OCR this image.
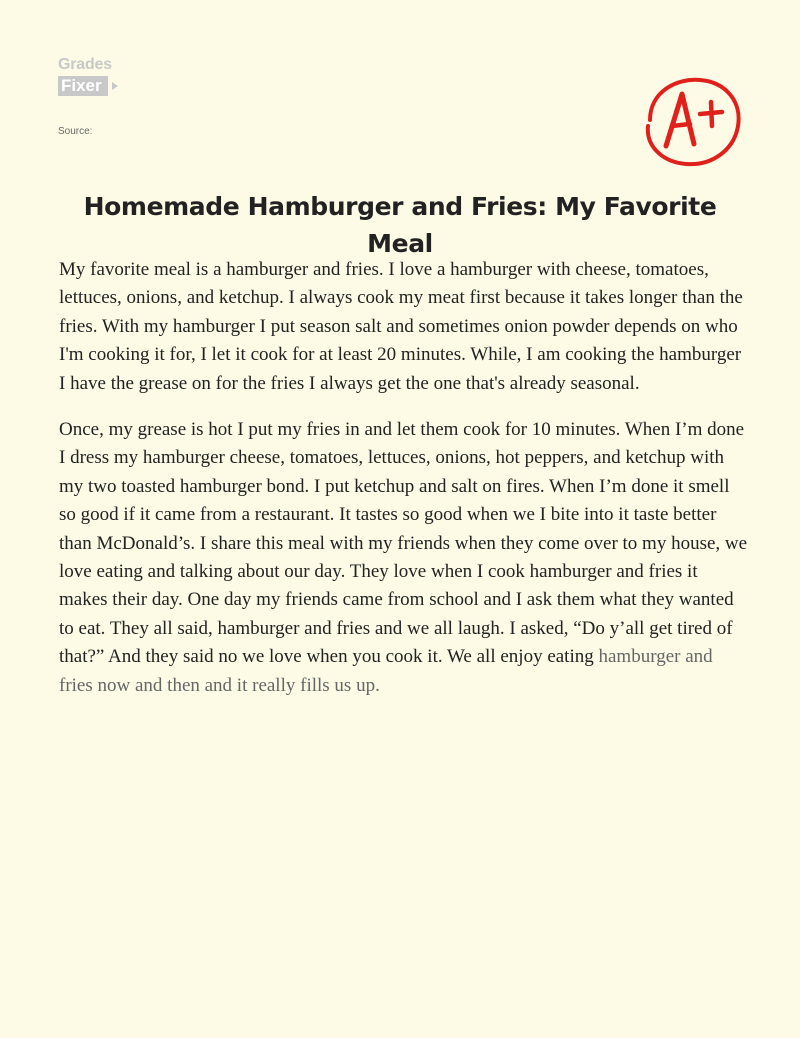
Grades
Fixer
Source:
Homemade Hamburger and Fries: My Favorite Meal

My favorite meal is a hamburger and fries. I love a hamburger with cheese, tomatoes, lettuces, onions, and ketchup. I always cook my meat first because it takes longer than the fries. With my hamburger I put season salt and sometimes onion powder depends on who I'm cooking it for, I let it cook for at least 20 minutes. While, I am cooking the hamburger I have the grease on for the fries I always get the one that's already seasonal.

Once, my grease is hot I put my fries in and let them cook for 10 minutes. When I’m done I dress my hamburger cheese, tomatoes, lettuces, onions, hot peppers, and ketchup with my two toasted hamburger bond. I put ketchup and salt on fires. When I’m done it smell so good if it came from a restaurant. It tastes so good when we I bite into it taste better than McDonald’s. I share this meal with my friends when they come over to my house, we love eating and talking about our day. They love when I cook hamburger and fries it makes their day. One day my friends came from school and I ask them what they wanted to eat. They all said, hamburger and fries and we all laugh. I asked, “Do y’all get tired of that?” And they said no we love when you cook it. We all enjoy eating hamburger and fries now and then and it really fills us up.
